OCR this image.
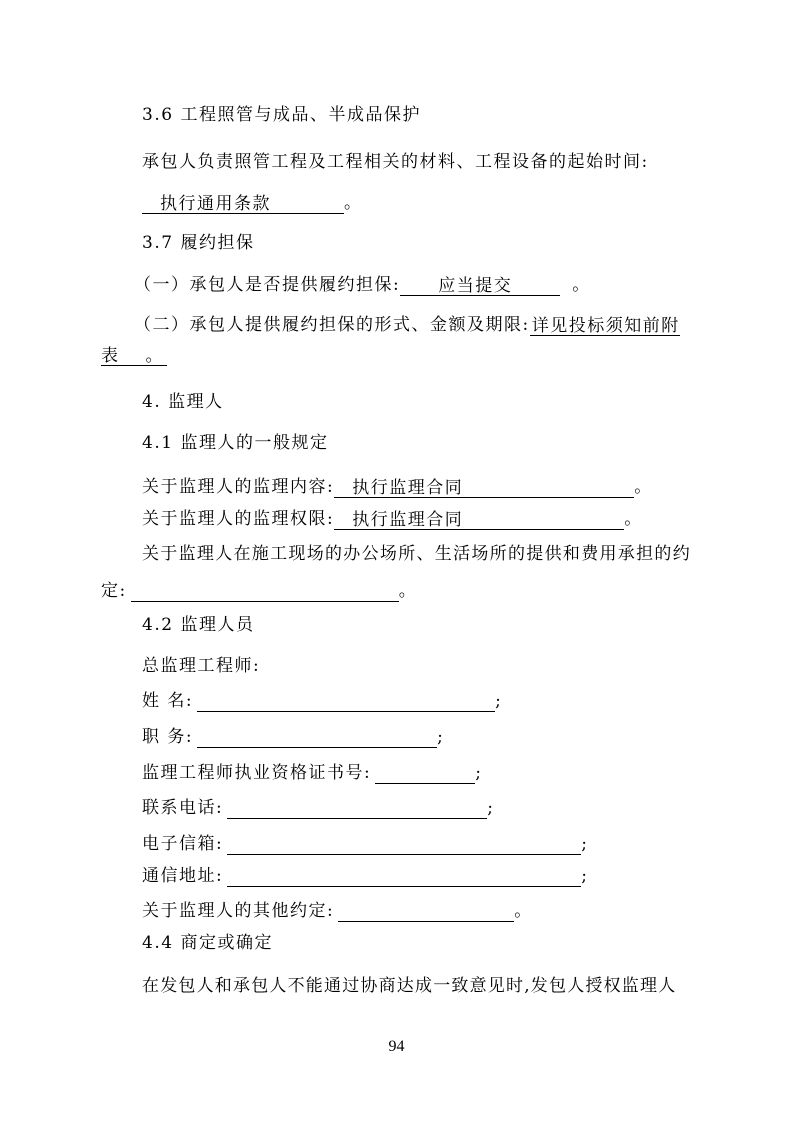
3.6 工程照管与成品、半成品保护
承包人负责照管工程及工程相关的材料、工程设备的起始时间:
执行通用条款	。
3.7 履约担保
（一）承包人是否提供履约担保: 应当提交	。
（二）承包人提供履约担保的形式、金额及期限: 详见投标须知前附
表 。
4. 监理人
4.1 监理人的一般规定
关于监理人的监理内容: 执行监理合同	。
关于监理人的监理权限: 执行监理合同	。
关于监理人在施工现场的办公场所、生活场所的提供和费用承担的约
定:	。
4.2 监理人员
总监理工程师:
姓 名:	;
职 务:	;
监理工程师执业资格证书号:	;
联系电话:	;
电子信箱:	;
通信地址:	;
关于监理人的其他约定:	。
4.4 商定或确定
在发包人和承包人不能通过协商达成一致意见时,发包人授权监理人
94
